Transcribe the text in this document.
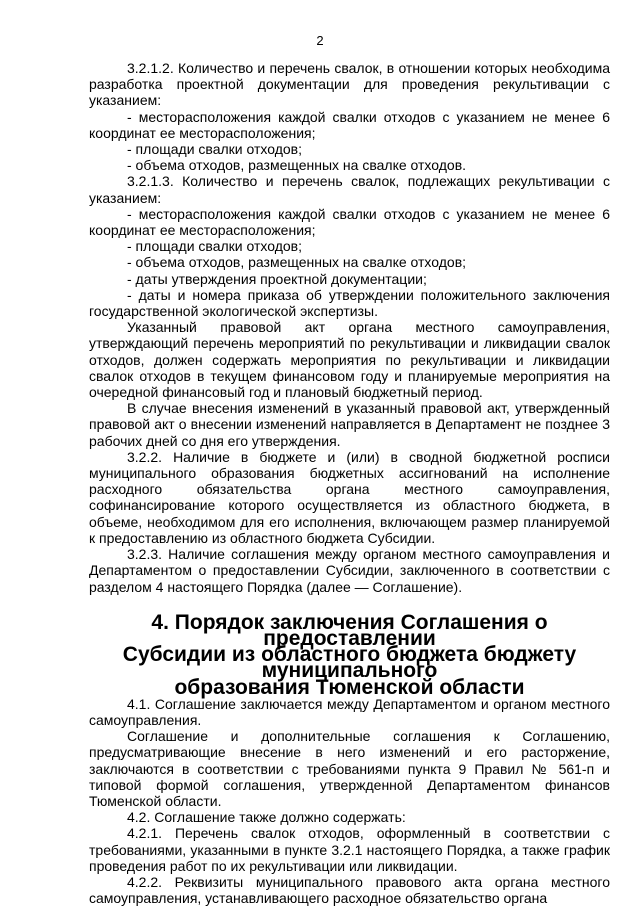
2

3.2.1.2. Количество и перечень свалок, в отношении которых необходима разработка проектной документации для проведения рекультивации с указанием:

- месторасположения каждой свалки отходов с указанием не менее 6 координат ее месторасположения;

- площади свалки отходов;

- объема отходов, размещенных на свалке отходов.

3.2.1.3. Количество и перечень свалок, подлежащих рекультивации с указанием:

- месторасположения каждой свалки отходов с указанием не менее 6 координат ее месторасположения;

- площади свалки отходов;

- объема отходов, размещенных на свалке отходов;

- даты утверждения проектной документации;

- даты и номера приказа об утверждении положительного заключения государственной экологической экспертизы.

Указанный правовой акт органа местного самоуправления, утверждающий перечень мероприятий по рекультивации и ликвидации свалок отходов, должен содержать мероприятия по рекультивации и ликвидации свалок отходов в текущем финансовом году и планируемые мероприятия на очередной финансовый год и плановый бюджетный период.

В случае внесения изменений в указанный правовой акт, утвержденный правовой акт о внесении изменений направляется в Департамент не позднее 3 рабочих дней со дня его утверждения.

3.2.2. Наличие в бюджете и (или) в сводной бюджетной росписи муниципального образования бюджетных ассигнований на исполнение расходного обязательства органа местного самоуправления, софинансирование которого осуществляется из областного бюджета, в объеме, необходимом для его исполнения, включающем размер планируемой к предоставлению из областного бюджета Субсидии.

3.2.3. Наличие соглашения между органом местного самоуправления и Департаментом о предоставлении Субсидии, заключенного в соответствии с разделом 4 настоящего Порядка (далее — Соглашение).

4. Порядок заключения Соглашения о предоставлении
Субсидии из областного бюджета бюджету муниципального
образования Тюменской области

4.1. Соглашение заключается между Департаментом и органом местного самоуправления.

Соглашение и дополнительные соглашения к Соглашению, предусматривающие внесение в него изменений и его расторжение, заключаются в соответствии с требованиями пункта 9 Правил № 561-п и типовой формой соглашения, утвержденной Департаментом финансов Тюменской области.

4.2. Соглашение также должно содержать:

4.2.1. Перечень свалок отходов, оформленный в соответствии с требованиями, указанными в пункте 3.2.1 настоящего Порядка, а также график проведения работ по их рекультивации или ликвидации.

4.2.2. Реквизиты муниципального правового акта органа местного самоуправления, устанавливающего расходное обязательство органа
